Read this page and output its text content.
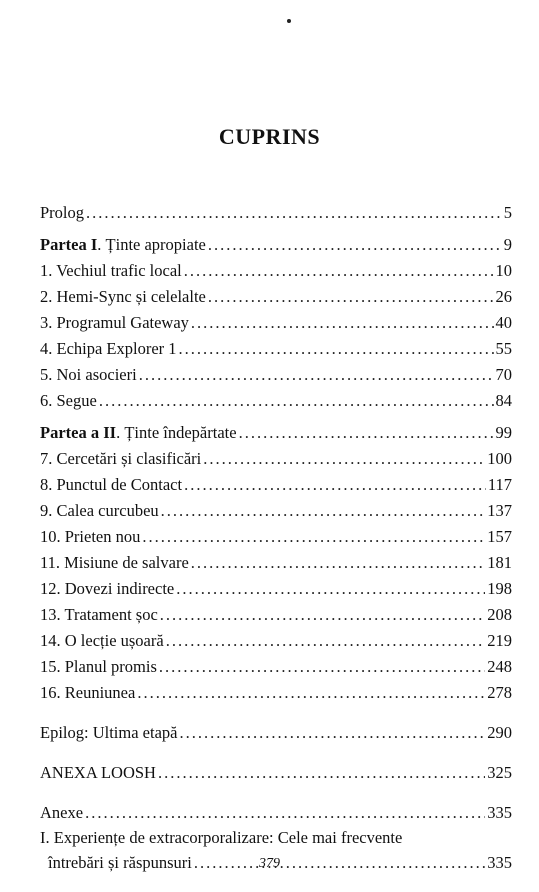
CUPRINS
Prolog .....	5
Partea I. Ținte apropiate .....	9
1. Vechiul trafic local .....	10
2. Hemi-Sync și celelalte .....	26
3. Programul Gateway .....	40
4. Echipa Explorer 1 .....	55
5. Noi asocieri .....	70
6. Segue .....	84
Partea a II. Ținte îndepărtate .....	99
7. Cercetări și clasificări .....	100
8. Punctul de Contact .....	117
9. Calea curcubeu .....	137
10. Prieten nou .....	157
11. Misiune de salvare .....	181
12. Dovezi indirecte .....	198
13. Tratament șoc .....	208
14. O lecție ușoară .....	219
15. Planul promis .....	248
16. Reuniunea .....	278
Epilog: Ultima etapă .....	290
ANEXA LOOSH .....	325
Anexe .....	335
I. Experiențe de extracorporalizare: Cele mai frecvente
întrebări și răspunsuri .....	335
379
